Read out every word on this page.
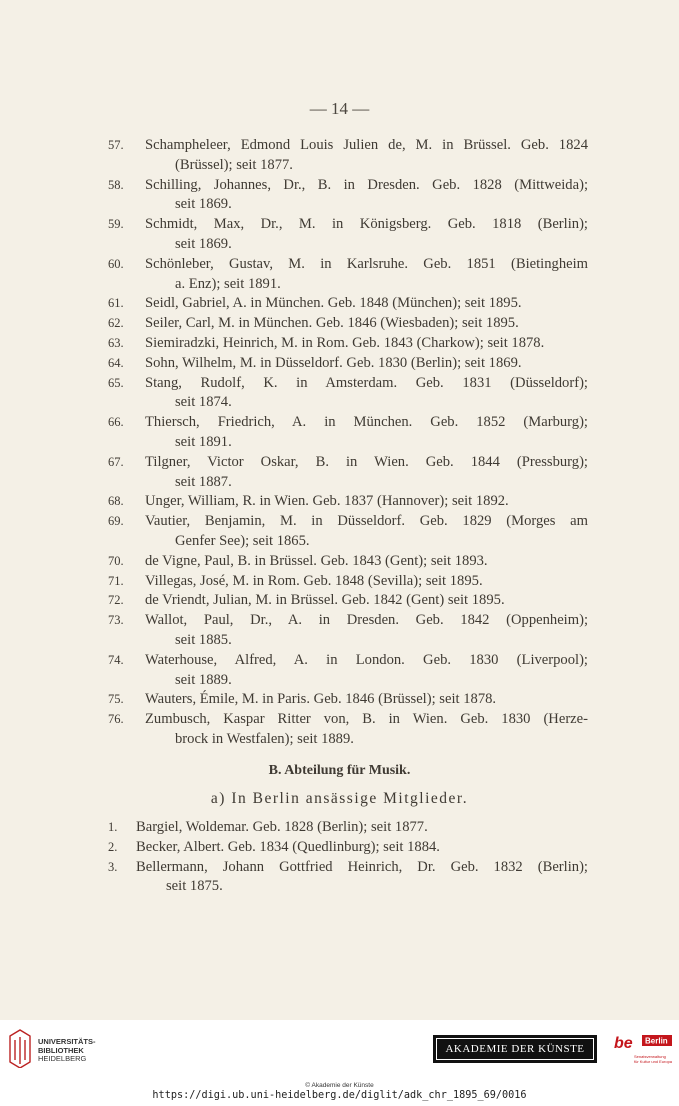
— 14 —
57.	Schampheleer, Edmond Louis Julien de, M. in Brüssel. Geb. 1824
(Brüssel); seit 1877.
58.	Schilling, Johannes, Dr., B. in Dresden. Geb. 1828 (Mittweida);
seit 1869.
59.	Schmidt, Max, Dr., M. in Königsberg. Geb. 1818 (Berlin);
seit 1869.
60.	Schönleber, Gustav, M. in Karlsruhe. Geb. 1851 (Bietingheim
a. Enz); seit 1891.
61.	Seidl, Gabriel, A. in München. Geb. 1848 (München); seit 1895.
62.	Seiler, Carl, M. in München. Geb. 1846 (Wiesbaden); seit 1895.
63.	Siemiradzki, Heinrich, M. in Rom. Geb. 1843 (Charkow); seit 1878.
64.	Sohn, Wilhelm, M. in Düsseldorf. Geb. 1830 (Berlin); seit 1869.
65.	Stang, Rudolf, K. in Amsterdam. Geb. 1831 (Düsseldorf);
seit 1874.
66.	Thiersch, Friedrich, A. in München. Geb. 1852 (Marburg);
seit 1891.
67.	Tilgner, Victor Oskar, B. in Wien. Geb. 1844 (Pressburg);
seit 1887.
68.	Unger, William, R. in Wien. Geb. 1837 (Hannover); seit 1892.
69.	Vautier, Benjamin, M. in Düsseldorf. Geb. 1829 (Morges am
Genfer See); seit 1865.
70.	de Vigne, Paul, B. in Brüssel. Geb. 1843 (Gent); seit 1893.
71.	Villegas, José, M. in Rom. Geb. 1848 (Sevilla); seit 1895.
72.	de Vriendt, Julian, M. in Brüssel. Geb. 1842 (Gent) seit 1895.
73.	Wallot, Paul, Dr., A. in Dresden. Geb. 1842 (Oppenheim);
seit 1885.
74.	Waterhouse, Alfred, A. in London. Geb. 1830 (Liverpool);
seit 1889.
75.	Wauters, Émile, M. in Paris. Geb. 1846 (Brüssel); seit 1878.
76.	Zumbusch, Kaspar Ritter von, B. in Wien. Geb. 1830 (Herze-
brock in Westfalen); seit 1889.
B. Abteilung für Musik.
a) In Berlin ansässige Mitglieder.
1.	Bargiel, Woldemar. Geb. 1828 (Berlin); seit 1877.
2.	Becker, Albert. Geb. 1834 (Quedlinburg); seit 1884.
3.	Bellermann, Johann Gottfried Heinrich, Dr. Geb. 1832 (Berlin);
seit 1875.
UNIVERSITÄTS-
BIBLIOTHEK
HEIDELBERG
AKADEMIE DER KÜNSTE	be Berlin
Senatsverwaltung
für Kultur und Europa
© Akademie der Künste
https://digi.ub.uni-heidelberg.de/diglit/adk_chr_1895_69/0016
